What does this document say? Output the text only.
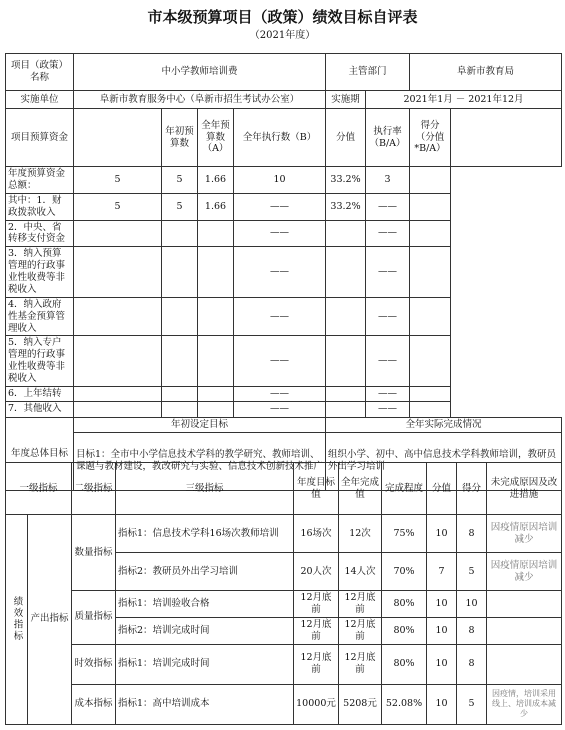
市本级预算项目（政策）绩效目标自评表
（2021年度）
项目（政策）名称	中小学教师培训费				主管部门		阜新市教育局	
实施单位	阜新市教育服务中心（阜新市招生考试办公室）				实施期	2021年1月 － 2021年12月		
项目预算资金		年初预算数	全年预算数（A）	全年执行数（B）	分值	执行率（B/A）	得分（分值*B/A）	
年度预算资金总额：	5	5	1.66	10	33.2%	3		
其中：1．财政拨款收入	5	5	1.66	——	33.2%	——		
2．中央、省转移支付资金				——		——		
3．纳入预算管理的行政事业性收费等非税收入				——		——		
4．纳入政府性基金预算管理收入				——		——		
5．纳入专户管理的行政事业性收费等非税收入				——		——		
6．上年结转				——		——		
7．其他收入				——		——		
年度总体目标	年初设定目标				全年实际完成情况			
	目标1：全市中小学信息技术学科的教学研究、教师培训、课题与教材建设，教改研究与实验、信息技术创新技术推广				组织小学、初中、高中信息技术学科教师培训，教研员外出学习培训			
一级指标		二级指标	三级指标	年度目标值	全年完成值	完成程度	分值	得分	未完成原因及改进措施
绩效指标	产出指标	数量指标	指标1：信息技术学科16场次教师培训	16场次	12次	75%	10	8	因疫情原因培训减少
			指标2：教研员外出学习培训	20人次	14人次	70%	7	5	因疫情原因培训减少
		质量指标	指标1：培训验收合格	12月底前	12月底前	80%	10	10	
			指标2：培训完成时间	12月底前	12月底前	80%	10	8	
		时效指标	指标1：培训完成时间	12月底前	12月底前	80%	10	8	
		成本指标	指标1：高中培训成本	10000元	5208元	52.08%	10	5	因疫情，培训采用线上、培训成本减少
